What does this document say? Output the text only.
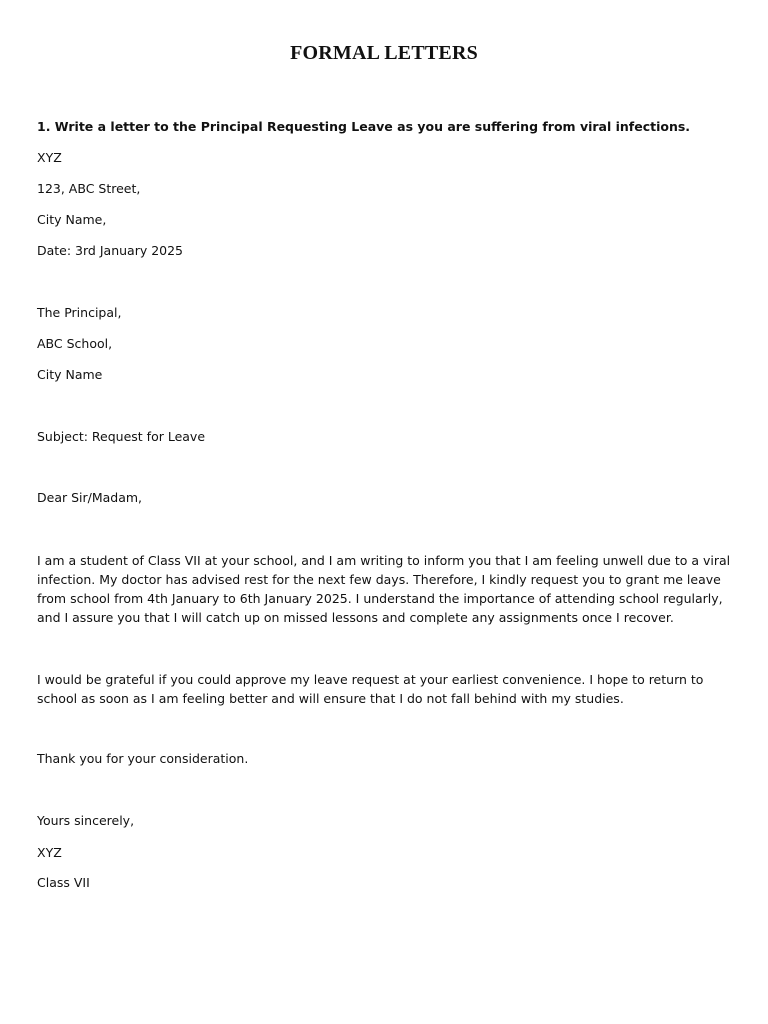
FORMAL LETTERS
1. Write a letter to the Principal Requesting Leave as you are suffering from viral infections.
XYZ
123, ABC Street,
City Name,
Date: 3rd January 2025
The Principal,
ABC School,
City Name
Subject: Request for Leave
Dear Sir/Madam,
I am a student of Class VII at your school, and I am writing to inform you that I am feeling unwell due to a viral infection. My doctor has advised rest for the next few days. Therefore, I kindly request you to grant me leave from school from 4th January to 6th January 2025. I understand the importance of attending school regularly, and I assure you that I will catch up on missed lessons and complete any assignments once I recover.
I would be grateful if you could approve my leave request at your earliest convenience. I hope to return to school as soon as I am feeling better and will ensure that I do not fall behind with my studies.
Thank you for your consideration.
Yours sincerely,
XYZ
Class VII
